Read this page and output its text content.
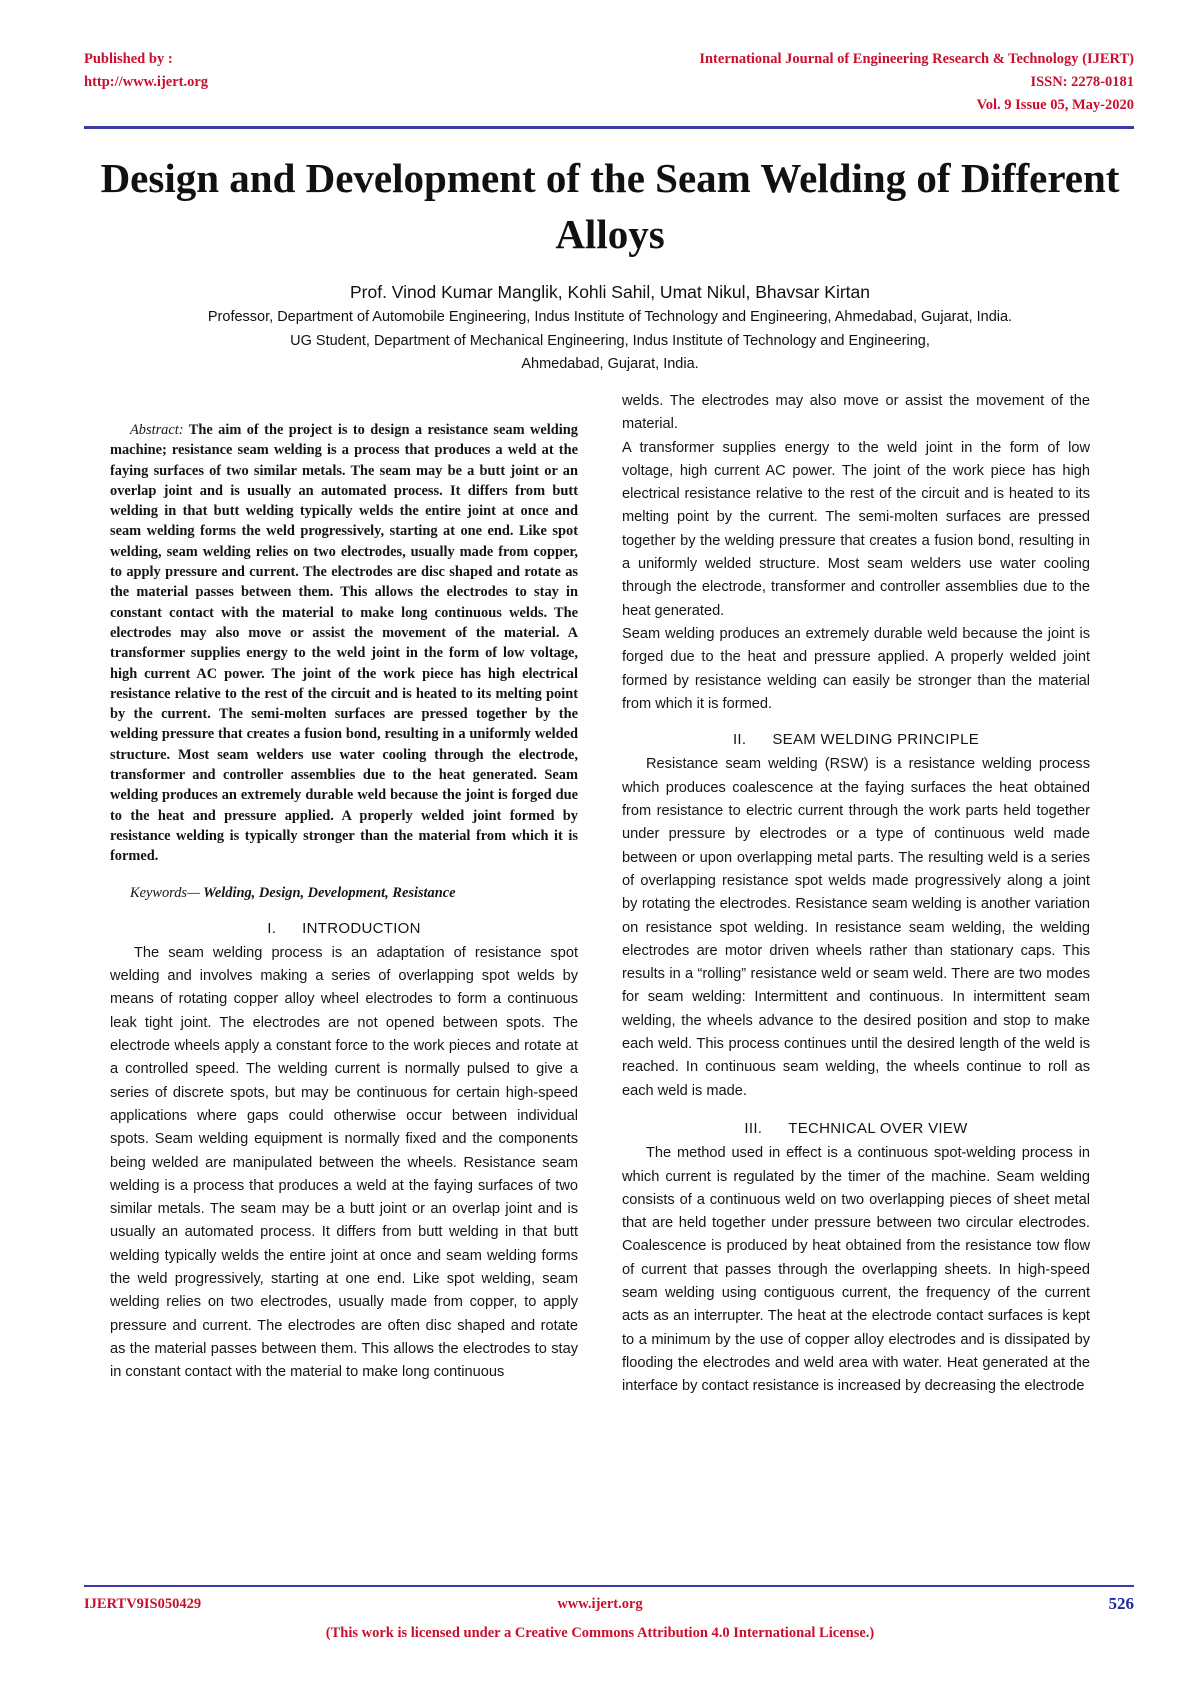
Published by :
http://www.ijert.org
International Journal of Engineering Research & Technology (IJERT)
ISSN: 2278-0181
Vol. 9 Issue 05, May-2020
Design and Development of the Seam Welding of Different Alloys
Prof. Vinod Kumar Manglik, Kohli Sahil, Umat Nikul, Bhavsar Kirtan
Professor, Department of Automobile Engineering, Indus Institute of Technology and Engineering, Ahmedabad, Gujarat, India.
UG Student, Department of Mechanical Engineering, Indus Institute of Technology and Engineering,
Ahmedabad, Gujarat, India.

Abstract: The aim of the project is to design a resistance seam welding machine; resistance seam welding is a process that produces a weld at the faying surfaces of two similar metals. The seam may be a butt joint or an overlap joint and is usually an automated process. It differs from butt welding in that butt welding typically welds the entire joint at once and seam welding forms the weld progressively, starting at one end. Like spot welding, seam welding relies on two electrodes, usually made from copper, to apply pressure and current. The electrodes are disc shaped and rotate as the material passes between them. This allows the electrodes to stay in constant contact with the material to make long continuous welds. The electrodes may also move or assist the movement of the material. A transformer supplies energy to the weld joint in the form of low voltage, high current AC power. The joint of the work piece has high electrical resistance relative to the rest of the circuit and is heated to its melting point by the current. The semi-molten surfaces are pressed together by the welding pressure that creates a fusion bond, resulting in a uniformly welded structure. Most seam welders use water cooling through the electrode, transformer and controller assemblies due to the heat generated. Seam welding produces an extremely durable weld because the joint is forged due to the heat and pressure applied. A properly welded joint formed by resistance welding is typically stronger than the material from which it is formed.

Keywords— Welding, Design, Development, Resistance

I. INTRODUCTION

The seam welding process is an adaptation of resistance spot welding and involves making a series of overlapping spot welds by means of rotating copper alloy wheel electrodes to form a continuous leak tight joint. The electrodes are not opened between spots. The electrode wheels apply a constant force to the work pieces and rotate at a controlled speed. The welding current is normally pulsed to give a series of discrete spots, but may be continuous for certain high-speed applications where gaps could otherwise occur between individual spots. Seam welding equipment is normally fixed and the components being welded are manipulated between the wheels. Resistance seam welding is a process that produces a weld at the faying surfaces of two similar metals. The seam may be a butt joint or an overlap joint and is usually an automated process. It differs from butt welding in that butt welding typically welds the entire joint at once and seam welding forms the weld progressively, starting at one end. Like spot welding, seam welding relies on two electrodes, usually made from copper, to apply pressure and current. The electrodes are often disc shaped and rotate as the material passes between them. This allows the electrodes to stay in constant contact with the material to make long continuous

welds. The electrodes may also move or assist the movement of the material.

A transformer supplies energy to the weld joint in the form of low voltage, high current AC power. The joint of the work piece has high electrical resistance relative to the rest of the circuit and is heated to its melting point by the current. The semi-molten surfaces are pressed together by the welding pressure that creates a fusion bond, resulting in a uniformly welded structure. Most seam welders use water cooling through the electrode, transformer and controller assemblies due to the heat generated.

Seam welding produces an extremely durable weld because the joint is forged due to the heat and pressure applied. A properly welded joint formed by resistance welding can easily be stronger than the material from which it is formed.

II. SEAM WELDING PRINCIPLE

Resistance seam welding (RSW) is a resistance welding process which produces coalescence at the faying surfaces the heat obtained from resistance to electric current through the work parts held together under pressure by electrodes or a type of continuous weld made between or upon overlapping metal parts. The resulting weld is a series of overlapping resistance spot welds made progressively along a joint by rotating the electrodes. Resistance seam welding is another variation on resistance spot welding. In resistance seam welding, the welding electrodes are motor driven wheels rather than stationary caps. This results in a “rolling” resistance weld or seam weld. There are two modes for seam welding: Intermittent and continuous. In intermittent seam welding, the wheels advance to the desired position and stop to make each weld. This process continues until the desired length of the weld is reached. In continuous seam welding, the wheels continue to roll as each weld is made.

III. TECHNICAL OVER VIEW

The method used in effect is a continuous spot-welding process in which current is regulated by the timer of the machine. Seam welding consists of a continuous weld on two overlapping pieces of sheet metal that are held together under pressure between two circular electrodes. Coalescence is produced by heat obtained from the resistance tow flow of current that passes through the overlapping sheets. In high-speed seam welding using contiguous current, the frequency of the current acts as an interrupter. The heat at the electrode contact surfaces is kept to a minimum by the use of copper alloy electrodes and is dissipated by flooding the electrodes and weld area with water. Heat generated at the interface by contact resistance is increased by decreasing the electrode

IJERTV9IS050429	www.ijert.org	526
(This work is licensed under a Creative Commons Attribution 4.0 International License.)
